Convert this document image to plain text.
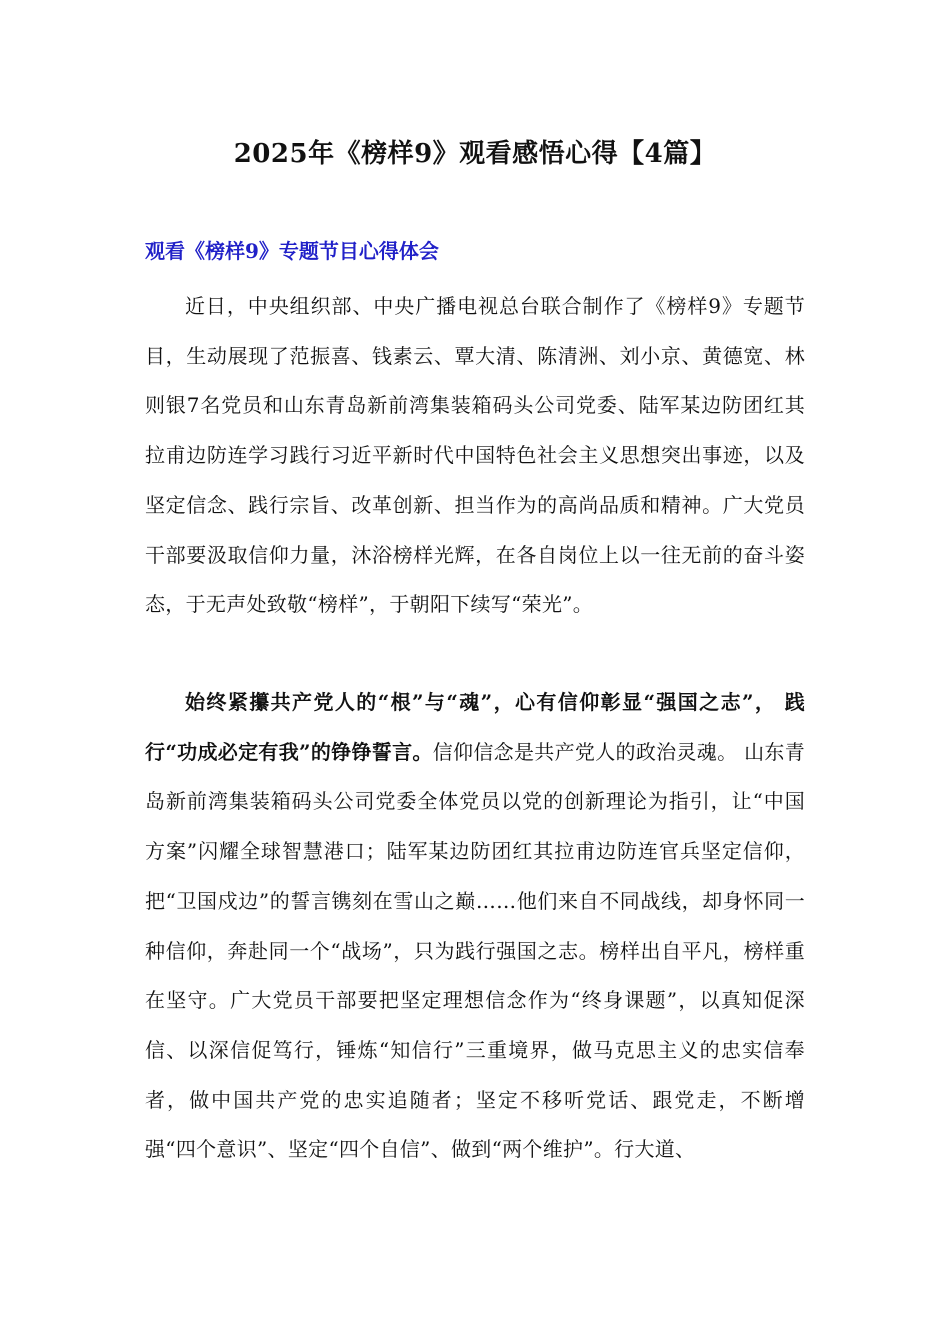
2025年《榜样9》观看感悟心得【4篇】
观看《榜样9》专题节目心得体会

近日，中央组织部、中央广播电视总台联合制作了《榜样9》专题节目，生动展现了范振喜、钱素云、覃大清、陈清洲、刘小京、黄德宽、林则银7名党员和山东青岛新前湾集装箱码头公司党委、陆军某边防团红其拉甫边防连学习践行习近平新时代中国特色社会主义思想突出事迹，以及坚定信念、践行宗旨、改革创新、担当作为的高尚品质和精神。广大党员干部要汲取信仰力量，沐浴榜样光辉，在各自岗位上以一往无前的奋斗姿态，于无声处致敬“榜样”，于朝阳下续写“荣光”。

始终紧攥共产党人的“根”与“魂”，心有信仰彰显“强国之志”， 践行“功成必定有我”的铮铮誓言。信仰信念是共产党人的政治灵魂。 山东青岛新前湾集装箱码头公司党委全体党员以党的创新理论为指引，让“中国方案”闪耀全球智慧港口；陆军某边防团红其拉甫边防连官兵坚定信仰，把“卫国戍边”的誓言镌刻在雪山之巅……他们来自不同战线，却身怀同一种信仰，奔赴同一个“战场”，只为践行强国之志。榜样出自平凡，榜样重在坚守。广大党员干部要把坚定理想信念作为“终身课题”，以真知促深信、以深信促笃行，锤炼“知信行”三重境界，做马克思主义的忠实信奉者，做中国共产党的忠实追随者；坚定不移听党话、跟党走，不断增强“四个意识”、坚定“四个自信”、做到“两个维护”。行大道、
